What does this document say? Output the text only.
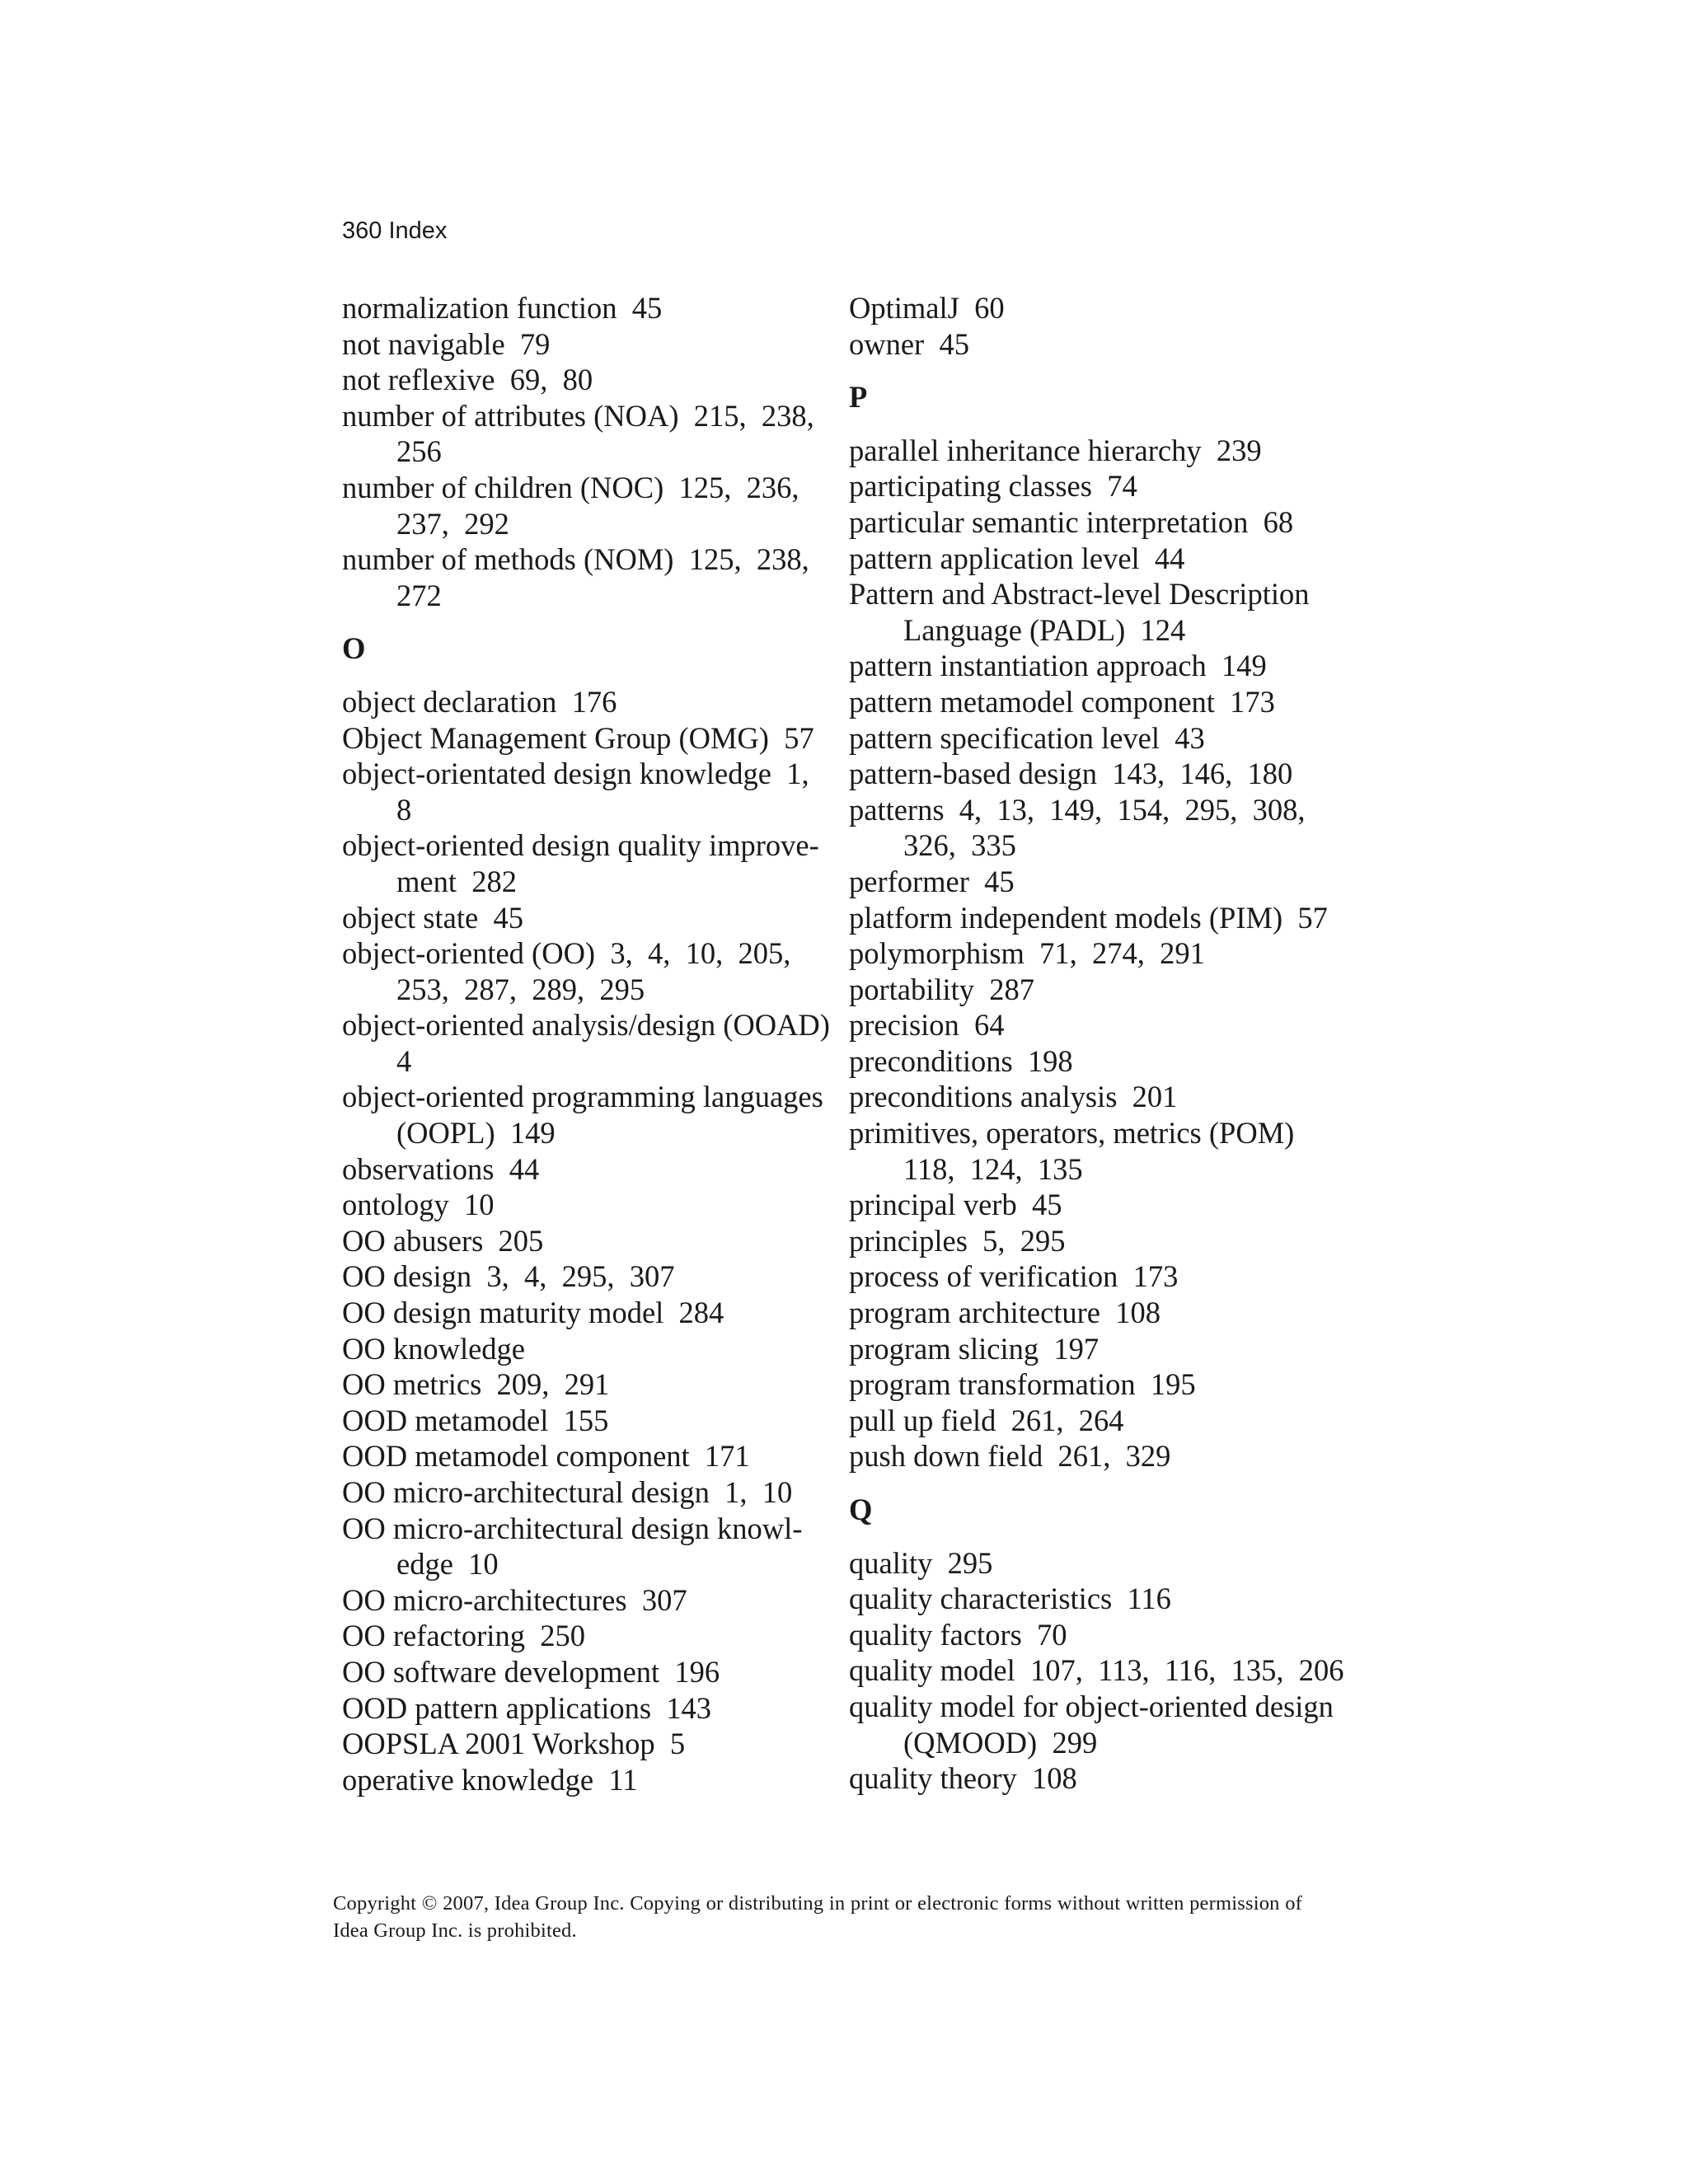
360 Index
normalization function  45
not navigable  79
not reflexive  69,  80
number of attributes (NOA)  215,  238,  256
number of children (NOC)  125,  236,  237,  292
number of methods (NOM)  125,  238,  272
O
object declaration  176
Object Management Group (OMG)  57
object-orientated design knowledge  1,  8
object-oriented design quality improve-ment  282
object state  45
object-oriented (OO)  3,  4,  10,  205,  253,  287,  289,  295
object-oriented analysis/design (OOAD)  4
object-oriented programming languages (OOPL)  149
observations  44
ontology  10
OO abusers  205
OO design  3,  4,  295,  307
OO design maturity model  284
OO knowledge
OO metrics  209,  291
OOD metamodel  155
OOD metamodel component  171
OO micro-architectural design  1,  10
OO micro-architectural design knowl-edge  10
OO micro-architectures  307
OO refactoring  250
OO software development  196
OOD pattern applications  143
OOPSLA 2001 Workshop  5
operative knowledge  11
OptimalJ  60
owner  45
P
parallel inheritance hierarchy  239
participating classes  74
particular semantic interpretation  68
pattern application level  44
Pattern and Abstract-level Description Language (PADL)  124
pattern instantiation approach  149
pattern metamodel component  173
pattern specification level  43
pattern-based design  143,  146,  180
patterns  4,  13,  149,  154,  295,  308,  326,  335
performer  45
platform independent models (PIM)  57
polymorphism  71,  274,  291
portability  287
precision  64
preconditions  198
preconditions analysis  201
primitives, operators, metrics (POM)  118,  124,  135
principal verb  45
principles  5,  295
process of verification  173
program architecture  108
program slicing  197
program transformation  195
pull up field  261,  264
push down field  261,  329
Q
quality  295
quality characteristics  116
quality factors  70
quality model  107,  113,  116,  135,  206
quality model for object-oriented design (QMOOD)  299
quality theory  108
Copyright © 2007, Idea Group Inc. Copying or distributing in print or electronic forms without written permission of Idea Group Inc. is prohibited.
